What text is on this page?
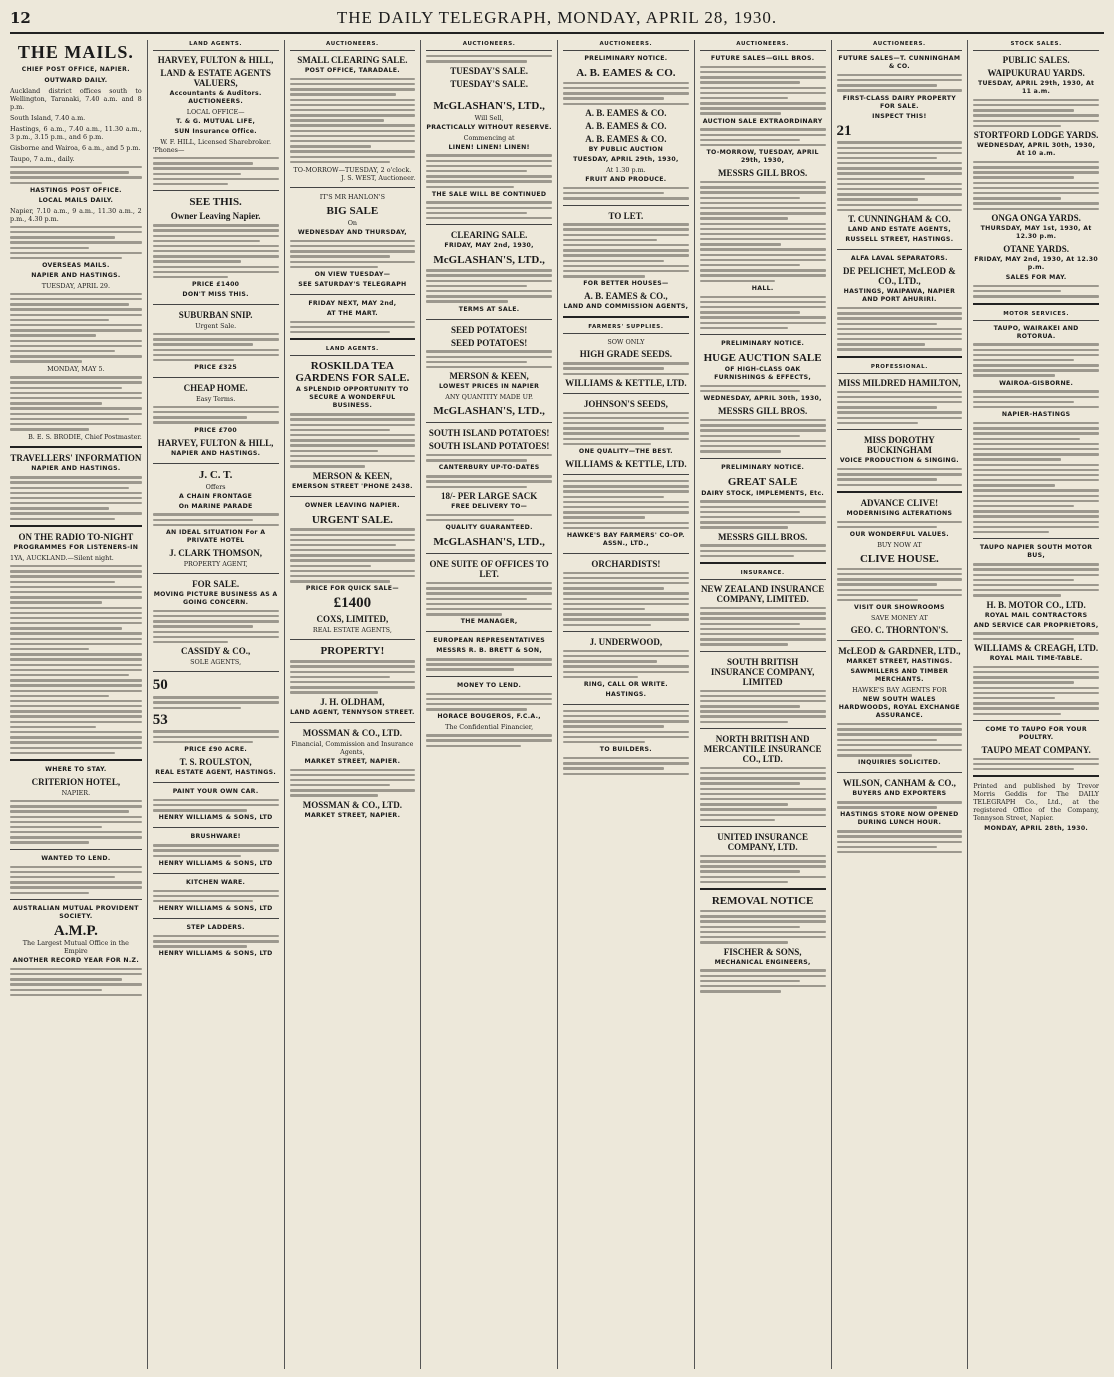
12	THE DAILY TELEGRAPH, MONDAY, APRIL 28, 1930.
THE MAILS.
CHIEF POST OFFICE, NAPIER.
OUTWARD DAILY.
Auckland district offices south to Wellington, Taranaki, 7.40 a.m. and 8 p.m.
South Island, 7.40 a.m.
Hastings, 6 a.m., 7.40 a.m., 11.30 a.m., 3 p.m., 3.15 p.m., and 6 p.m.
Gisborne and Wairoa, 6 a.m., and 5 p.m.
Taupo, 7 a.m., daily.
HASTINGS POST OFFICE.
LOCAL MAILS DAILY.
Napier, 7.10 a.m., 9 a.m., 11.30 a.m., 2 p.m., 4.30 p.m.
OVERSEAS MAILS.
NAPIER AND HASTINGS.
TUESDAY, APRIL 29.
MONDAY, MAY 5.
B. E. S. BRODIE, Chief Postmaster.
TRAVELLERS' INFORMATION
NAPIER AND HASTINGS.
ON THE RADIO TO-NIGHT
PROGRAMMES FOR LISTENERS-IN
1YA, AUCKLAND.—Silent night.
WHERE TO STAY.
CRITERION HOTEL,
NAPIER.
WANTED TO LEND.
AUSTRALIAN MUTUAL PROVIDENT SOCIETY.
A.M.P.
The Largest Mutual Office in the Empire
ANOTHER RECORD YEAR FOR N.Z.
LAND AGENTS.
HARVEY, FULTON & HILL,
LAND & ESTATE AGENTS VALUERS,
Accountants & Auditors. AUCTIONEERS.
LOCAL OFFICE—
T. & G. MUTUAL LIFE,
SUN Insurance Office.
W. F. HILL, Licensed Sharebroker.
'Phones—
SEE THIS.
Owner Leaving Napier.
PRICE £1400
DON'T MISS THIS.
SUBURBAN SNIP.
Urgent Sale.
PRICE £325
CHEAP HOME.
Easy Terms.
PRICE £700
HARVEY, FULTON & HILL,
NAPIER AND HASTINGS.
J. C. T.
Offers
A CHAIN FRONTAGE
On MARINE PARADE
AN IDEAL SITUATION For A PRIVATE HOTEL
J. CLARK THOMSON,
PROPERTY AGENT,
FOR SALE.
MOVING PICTURE BUSINESS AS A GOING CONCERN.
CASSIDY & CO.,
SOLE AGENTS,
50
53
PRICE £90 ACRE.
T. S. ROULSTON,
REAL ESTATE AGENT, HASTINGS.
PAINT YOUR OWN CAR.
HENRY WILLIAMS & SONS, LTD
BRUSHWARE!
HENRY WILLIAMS & SONS, LTD
KITCHEN WARE.
HENRY WILLIAMS & SONS, LTD
STEP LADDERS.
HENRY WILLIAMS & SONS, LTD
AUCTIONEERS.
SMALL CLEARING SALE.
POST OFFICE, TARADALE.
TO-MORROW—TUESDAY, 2 o'clock.
J. S. WEST, Auctioneer.
IT'S MR HANLON'S
BIG SALE
On
WEDNESDAY AND THURSDAY,
ON VIEW TUESDAY—
SEE SATURDAY'S TELEGRAPH
FRIDAY NEXT, MAY 2nd,
AT THE MART.
LAND AGENTS.
ROSKILDA TEA GARDENS FOR SALE.
A SPLENDID OPPORTUNITY TO SECURE A WONDERFUL BUSINESS.
MERSON & KEEN,
EMERSON STREET 'PHONE 2438.
OWNER LEAVING NAPIER.
URGENT SALE.
PRICE FOR QUICK SALE—
£1400
COXS, LIMITED,
REAL ESTATE AGENTS,
PROPERTY!
J. H. OLDHAM,
LAND AGENT, TENNYSON STREET.
MOSSMAN & CO., LTD.
Financial, Commission and Insurance Agents,
MARKET STREET, NAPIER.
MOSSMAN & CO., LTD.
MARKET STREET, NAPIER.
AUCTIONEERS.
TUESDAY'S SALE.
TUESDAY'S SALE.
McGLASHAN'S, LTD.,
Will Sell,
PRACTICALLY WITHOUT RESERVE.
Commencing at
LINEN! LINEN! LINEN!
THE SALE WILL BE CONTINUED
CLEARING SALE.
FRIDAY, MAY 2nd, 1930,
McGLASHAN'S, LTD.,
TERMS AT SALE.
SEED POTATOES!
SEED POTATOES!
MERSON & KEEN,
LOWEST PRICES IN NAPIER
ANY QUANTITY MADE UP.
McGLASHAN'S, LTD.,
SOUTH ISLAND POTATOES!
SOUTH ISLAND POTATOES!
CANTERBURY UP-TO-DATES
18/- PER LARGE SACK
FREE DELIVERY TO—
QUALITY GUARANTEED.
McGLASHAN'S, LTD.,
ONE SUITE OF OFFICES TO LET.
THE MANAGER,
EUROPEAN REPRESENTATIVES
MESSRS R. B. BRETT & SON,
MONEY TO LEND.
HORACE BOUGEROS, F.C.A.,
The Confidential Financier,
AUCTIONEERS.
PRELIMINARY NOTICE.
A. B. EAMES & CO.
A. B. EAMES & CO.
A. B. EAMES & CO.
A. B. EAMES & CO.
BY PUBLIC AUCTION
TUESDAY, APRIL 29th, 1930,
At 1.30 p.m.
FRUIT AND PRODUCE.
TO LET.
FOR BETTER HOUSES—
A. B. EAMES & CO.,
LAND AND COMMISSION AGENTS,
FARMERS' SUPPLIES.
SOW ONLY
HIGH GRADE SEEDS.
WILLIAMS & KETTLE, LTD.
JOHNSON'S SEEDS,
ONE QUALITY—THE BEST.
WILLIAMS & KETTLE, LTD.
HAWKE'S BAY FARMERS' CO-OP. ASSN., LTD.,
ORCHARDISTS!
J. UNDERWOOD,
RING, CALL OR WRITE.
HASTINGS.
TO BUILDERS.
AUCTIONEERS.
FUTURE SALES—GILL BROS.
AUCTION SALE EXTRAORDINARY
TO-MORROW, TUESDAY, APRIL 29th, 1930,
MESSRS GILL BROS.
HALL.
PRELIMINARY NOTICE.
HUGE AUCTION SALE
OF HIGH-CLASS OAK FURNISHINGS & EFFECTS,
WEDNESDAY, APRIL 30th, 1930,
MESSRS GILL BROS.
PRELIMINARY NOTICE.
GREAT SALE
DAIRY STOCK, IMPLEMENTS, Etc.
MESSRS GILL BROS.
INSURANCE.
NEW ZEALAND INSURANCE COMPANY, LIMITED.
SOUTH BRITISH INSURANCE COMPANY, LIMITED
NORTH BRITISH AND MERCANTILE INSURANCE CO., LTD.
UNITED INSURANCE COMPANY, LTD.
REMOVAL NOTICE
FISCHER & SONS,
MECHANICAL ENGINEERS,
AUCTIONEERS.
FUTURE SALES—T. CUNNINGHAM & CO.
FIRST-CLASS DAIRY PROPERTY FOR SALE.
INSPECT THIS!
21
T. CUNNINGHAM & CO.
LAND AND ESTATE AGENTS,
RUSSELL STREET, HASTINGS.
ALFA LAVAL SEPARATORS.
DE PELICHET, McLEOD & CO., LTD.,
HASTINGS, WAIPAWA, NAPIER AND PORT AHURIRI.
PROFESSIONAL.
MISS MILDRED HAMILTON,
MISS DOROTHY BUCKINGHAM
VOICE PRODUCTION & SINGING.
ADVANCE CLIVE!
MODERNISING ALTERATIONS
OUR WONDERFUL VALUES.
BUY NOW AT
CLIVE HOUSE.
VISIT OUR SHOWROOMS
SAVE MONEY AT
GEO. C. THORNTON'S.
McLEOD & GARDNER, LTD.,
MARKET STREET, HASTINGS.
SAWMILLERS AND TIMBER MERCHANTS.
HAWKE'S BAY AGENTS FOR
NEW SOUTH WALES HARDWOODS, ROYAL EXCHANGE ASSURANCE.
INQUIRIES SOLICITED.
WILSON, CANHAM & CO.,
BUYERS AND EXPORTERS
HASTINGS STORE NOW OPENED DURING LUNCH HOUR.
STOCK SALES.
PUBLIC SALES.
WAIPUKURAU YARDS.
TUESDAY, APRIL 29th, 1930, At 11 a.m.
STORTFORD LODGE YARDS.
WEDNESDAY, APRIL 30th, 1930, At 10 a.m.
ONGA ONGA YARDS.
THURSDAY, MAY 1st, 1930, At 12.30 p.m.
OTANE YARDS.
FRIDAY, MAY 2nd, 1930, At 12.30 p.m.
SALES FOR MAY.
MOTOR SERVICES.
TAUPO, WAIRAKEI AND ROTORUA.
WAIROA-GISBORNE.
NAPIER-HASTINGS
TAUPO NAPIER SOUTH MOTOR BUS,
H. B. MOTOR CO., LTD.
ROYAL MAIL CONTRACTORS
AND SERVICE CAR PROPRIETORS,
WILLIAMS & CREAGH, LTD.
ROYAL MAIL TIME-TABLE.
COME TO TAUPO FOR YOUR POULTRY.
TAUPO MEAT COMPANY.
Printed and published by Trevor Morris Geddis for The DAILY TELEGRAPH Co., Ltd., at the registered Office of the Company, Tennyson Street, Napier.
MONDAY, APRIL 28th, 1930.
